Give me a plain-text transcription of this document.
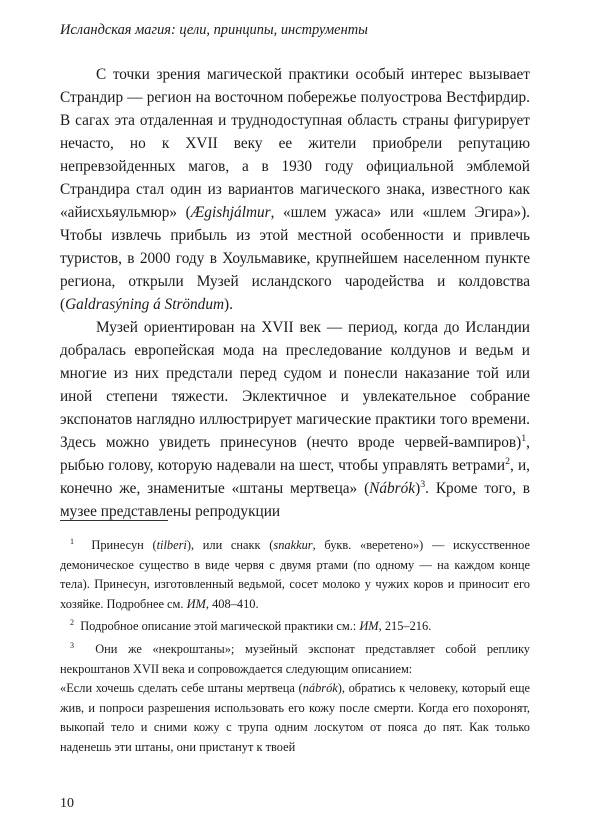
Исландская магия: цели, принципы, инструменты

С точки зрения магической практики особый интерес вызывает Страндир — регион на восточном побережье полуострова Вестфирдир. В сагах эта отдаленная и труднодоступная область страны фигурирует нечасто, но к XVII веку ее жители приобрели репутацию непревзойденных магов, а в 1930 году официальной эмблемой Страндира стал один из вариантов магического знака, известного как «айисхьяульмюр» (Ægishjálmur, «шлем ужаса» или «шлем Эгира»). Чтобы извлечь прибыль из этой местной особенности и привлечь туристов, в 2000 году в Хоульмавике, крупнейшем населенном пункте региона, открыли Музей исландского чародейства и колдовства (Galdrasýning á Ströndum).

Музей ориентирован на XVII век — период, когда до Исландии добралась европейская мода на преследование колдунов и ведьм и многие из них предстали перед судом и понесли наказание той или иной степени тяжести. Эклектичное и увлекательное собрание экспонатов наглядно иллюстрирует магические практики того времени. Здесь можно увидеть принесунов (нечто вроде червей-вампиров)$^1$, рыбью голову, которую надевали на шест, чтобы управлять ветрами$^2$, и, конечно же, знаменитые «штаны мертвеца» (Nábrók)$^3$. Кроме того, в музее представлены репродукции

$^1$ Принесун (tilberi), или снакк (snakkur, букв. «веретено») — искусственное демоническое существо в виде червя с двумя ртами (по одному — на каждом конце тела). Принесун, изготовленный ведьмой, сосет молоко у чужих коров и приносит его хозяйке. Подробнее см. ИМ, 408–410.

$^2$ Подробное описание этой магической практики см.: ИМ, 215–216.

$^3$ Они же «некроштаны»; музейный экспонат представляет собой реплику некроштанов XVII века и сопровождается следующим описанием:

«Если хочешь сделать себе штаны мертвеца (nábrók), обратись к человеку, который еще жив, и попроси разрешения использовать его кожу после смерти. Когда его похоронят, выкопай тело и сними кожу с трупа одним лоскутом от пояса до пят. Как только наденешь эти штаны, они пристанут к твоей

10
